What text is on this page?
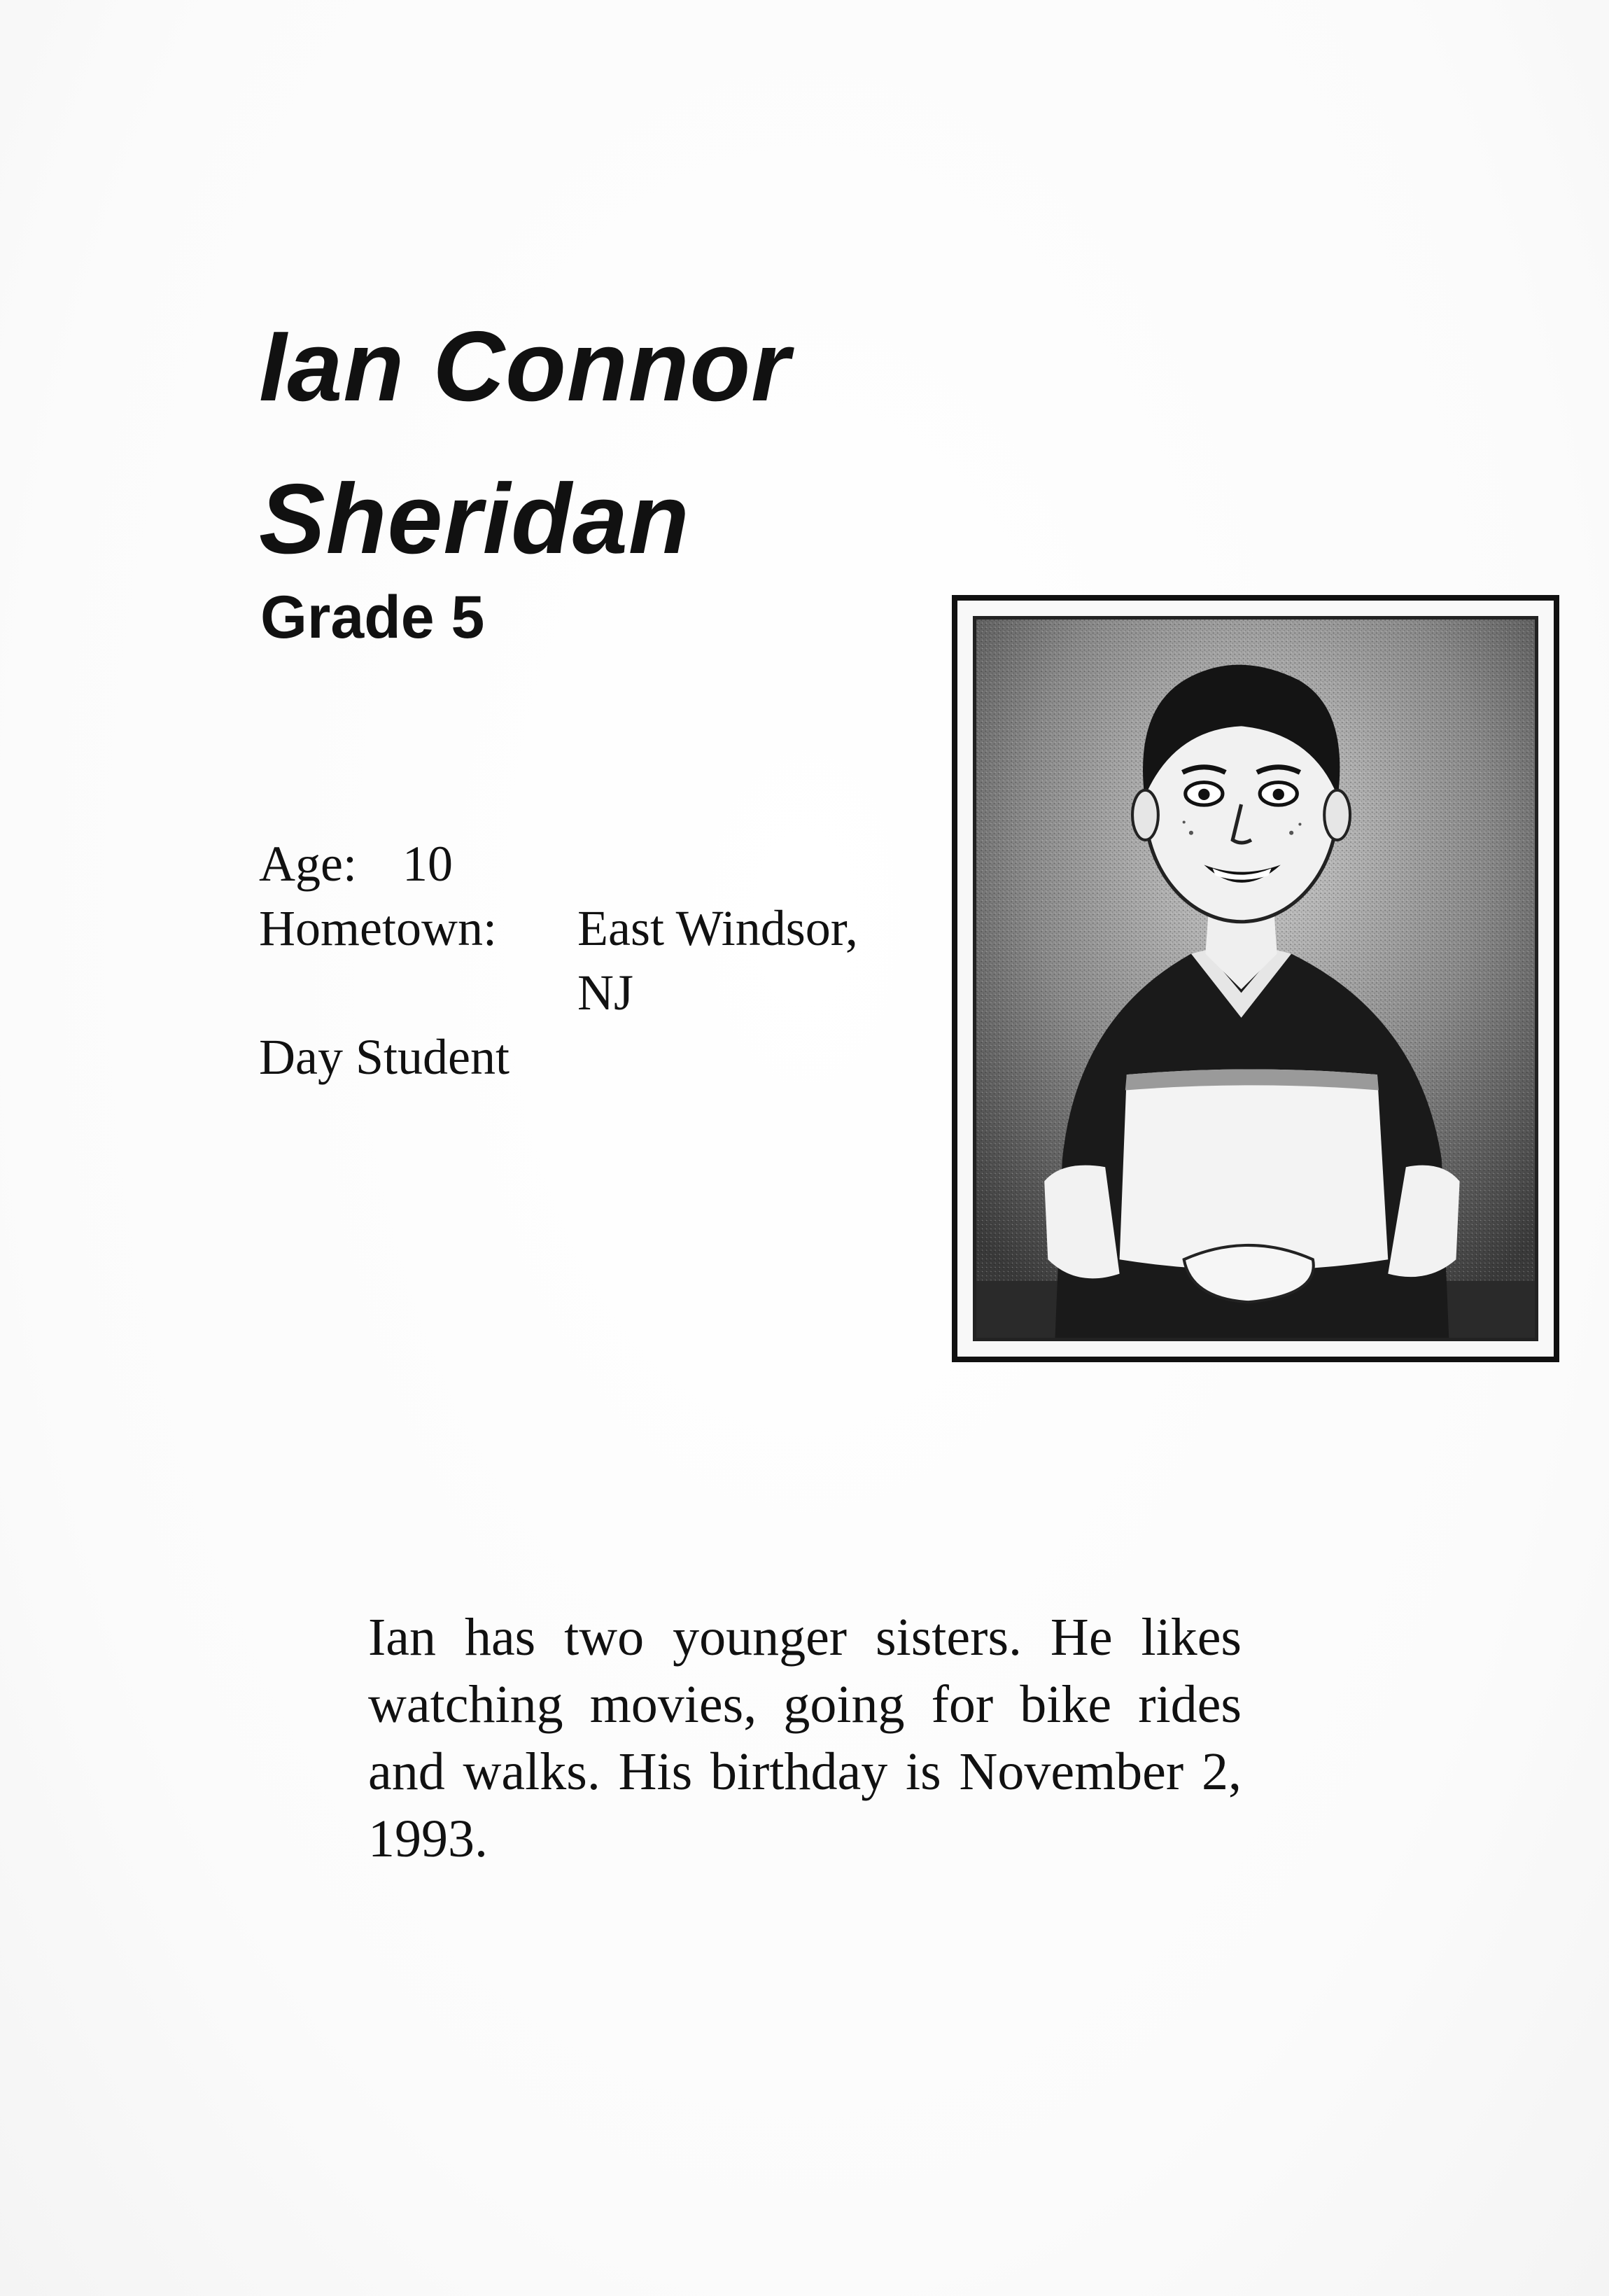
Ian Connor
Sheridan
Grade 5
Age: 10
Hometown: East Windsor,
NJ
Day Student

Ian has two younger sisters. He likes watching movies, going for bike rides and walks. His birthday is November 2, 1993.
